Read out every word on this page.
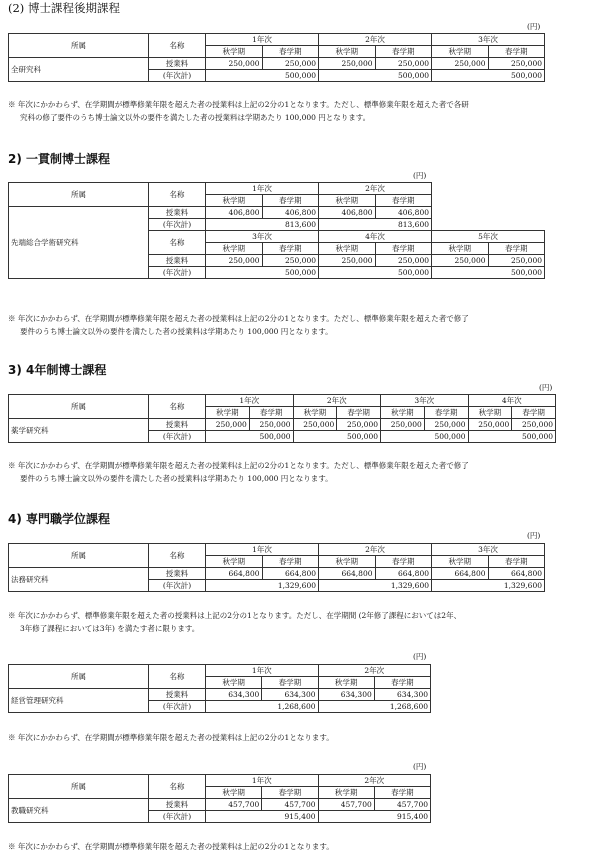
(2) 博士課程後期課程
(円)
所属	名称	1年次		2年次		3年次	
		秋学期	春学期	秋学期	春学期	秋学期	春学期
全研究科	授業料	250,000	250,000	250,000	250,000	250,000	250,000
	(年次計)	500,000		500,000		500,000	
※ 年次にかかわらず、在学期間が標準修業年限を超えた者の授業料は上記の2分の1となります。ただし、標準修業年限を超えた者で各研
究科の修了要件のうち博士論文以外の要件を満たした者の授業料は学期あたり 100,000 円となります。
2) 一貫制博士課程
(円)
所属	名称	1年次		2年次			
		秋学期	春学期	秋学期	春学期		
先端総合学術研究科	授業料	406,800	406,800	406,800	406,800		
	(年次計)	813,600		813,600			
	名称	3年次		4年次		5年次	
		秋学期	春学期	秋学期	春学期	秋学期	春学期
	授業料	250,000	250,000	250,000	250,000	250,000	250,000
	(年次計)	500,000		500,000		500,000	
※ 年次にかかわらず、在学期間が標準修業年限を超えた者の授業料は上記の2分の1となります。ただし、標準修業年限を超えた者で修了
要件のうち博士論文以外の要件を満たした者の授業料は学期あたり 100,000 円となります。
3) 4年制博士課程
(円)
所属	名称	1年次		2年次		3年次		4年次	
		秋学期	春学期	秋学期	春学期	秋学期	春学期	秋学期	春学期
薬学研究科	授業料	250,000	250,000	250,000	250,000	250,000	250,000	250,000	250,000
	(年次計)	500,000		500,000		500,000		500,000	
※ 年次にかかわらず、在学期間が標準修業年限を超えた者の授業料は上記の2分の1となります。ただし、標準修業年限を超えた者で修了
要件のうち博士論文以外の要件を満たした者の授業料は学期あたり 100,000 円となります。
4) 専門職学位課程
(円)
所属	名称	1年次		2年次		3年次	
		秋学期	春学期	秋学期	春学期	秋学期	春学期
法務研究科	授業料	664,800	664,800	664,800	664,800	664,800	664,800
	(年次計)	1,329,600		1,329,600		1,329,600	
※ 年次にかかわらず、標準修業年限を超えた者の授業料は上記の2分の1となります。ただし、在学期間 (2年修了課程においては2年、
3年修了課程においては3年) を満たす者に限ります。
(円)
所属	名称	1年次		2年次	
		秋学期	春学期	秋学期	春学期
経営管理研究科	授業料	634,300	634,300	634,300	634,300
	(年次計)	1,268,600		1,268,600	
※ 年次にかかわらず、在学期間が標準修業年限を超えた者の授業料は上記の2分の1となります。
(円)
所属	名称	1年次		2年次	
		秋学期	春学期	秋学期	春学期
教職研究科	授業料	457,700	457,700	457,700	457,700
	(年次計)	915,400		915,400	
※ 年次にかかわらず、在学期間が標準修業年限を超えた者の授業料は上記の2分の1となります。
